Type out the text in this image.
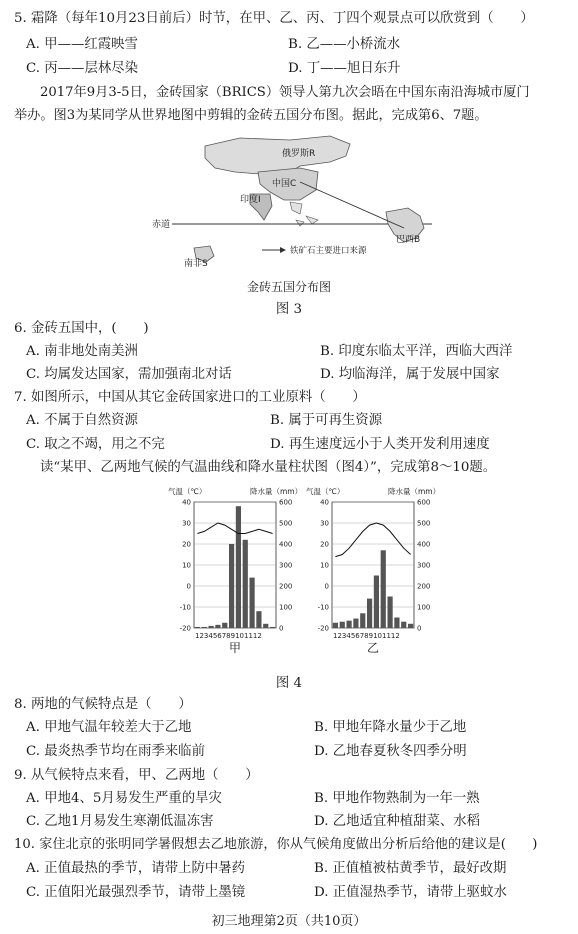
5. 霜降（每年10月23日前后）时节，在甲、乙、丙、丁四个观景点可以欣赏到（　　）
A. 甲——红霞映雪	B. 乙——小桥流水
C. 丙——层林尽染	D. 丁——旭日东升
2017年9月3-5日，金砖国家（BRICS）领导人第九次会晤在中国东南沿海城市厦门
举办。图3为某同学从世界地图中剪辑的金砖五国分布图。据此，完成第6、7题。
俄罗斯R
中国C
印度I
赤道
巴西B
南非S
铁矿石主要进口来源
金砖五国分布图
图 3
6. 金砖五国中，(　　)
A. 南非地处南美洲	B. 印度东临太平洋，西临大西洋
C. 均属发达国家，需加强南北对话	D. 均临海洋，属于发展中国家
7. 如图所示，中国从其它金砖国家进口的工业原料（　　）
A. 不属于自然资源	B. 属于可再生资源
C. 取之不竭，用之不完	D. 再生速度远小于人类开发利用速度
读“某甲、乙两地气候的气温曲线和降水量柱状图（图4）”，完成第8～10题。
气温（℃）	降水量（mm）
40	600
30	500
20	400
10	300
0	200
-10	100
-20	0
123456789101112
甲
气温（℃）	降水量（mm）
40	600
30	500
20	400
10	300
0	200
-10	100
-20	0
123456789101112
乙
图 4
8. 两地的气候特点是（　　）
A. 甲地气温年较差大于乙地	B. 甲地年降水量少于乙地
C. 最炎热季节均在雨季来临前	D. 乙地春夏秋冬四季分明
9. 从气候特点来看，甲、乙两地（　　）
A. 甲地4、5月易发生严重的旱灾	B. 甲地作物熟制为一年一熟
C. 乙地1月易发生寒潮低温冻害	D. 乙地适宜种植甜菜、水稻
10. 家住北京的张明同学暑假想去乙地旅游，你从气候角度做出分析后给他的建议是(　　)
A. 正值最热的季节，请带上防中暑药	B. 正值植被枯黄季节，最好改期
C. 正值阳光最强烈季节，请带上墨镜	D. 正值湿热季节，请带上驱蚊水
初三地理第2页（共10页）
